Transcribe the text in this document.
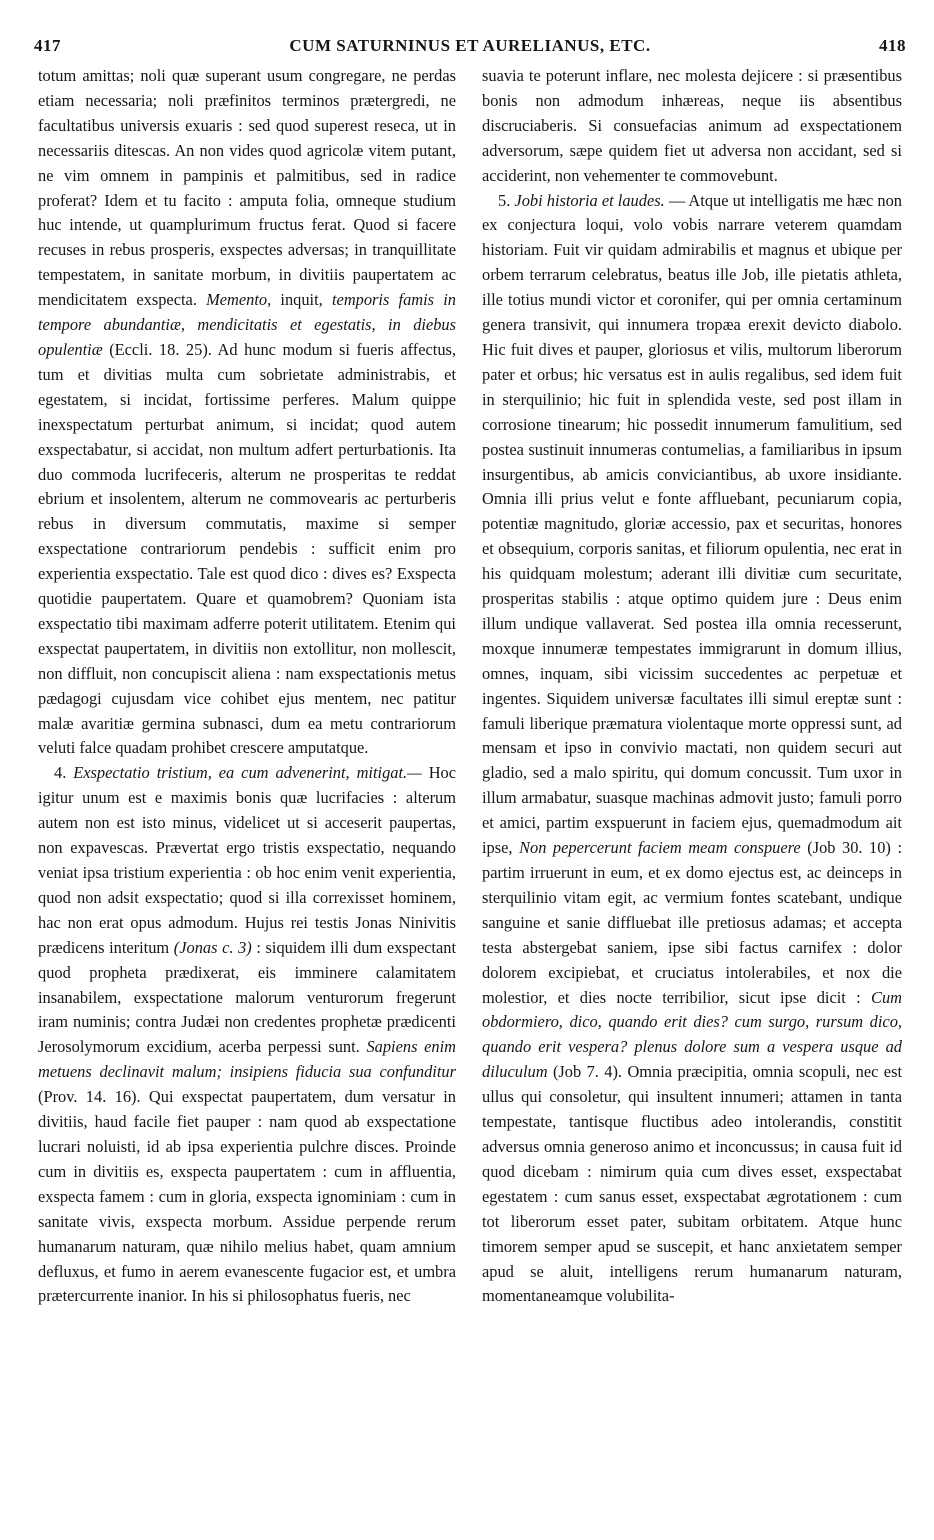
417	CUM SATURNINUS ET AURELIANUS, ETC.	418

totum amittas; noli quæ superant usum congregare, ne perdas etiam necessaria; noli præfinitos terminos prætergredi, ne facultatibus universis exuaris : sed quod superest reseca, ut in necessariis ditescas. An non vides quod agricolæ vitem putant, ne vim omnem in pampinis et palmitibus, sed in radice proferat? Idem et tu facito : amputa folia, omneque studium huc intende, ut quamplurimum fructus ferat. Quod si facere recuses in rebus prosperis, exspectes adversas; in tranquillitate tempestatem, in sanitate morbum, in divitiis paupertatem ac mendicitatem exspecta. Memento, inquit, temporis famis in tempore abundantiæ, mendicitatis et egestatis, in diebus opulentiæ (Eccli. 18. 25). Ad hunc modum si fueris affectus, tum et divitias multa cum sobrietate administrabis, et egestatem, si incidat, fortissime perferes. Malum quippe inexspectatum perturbat animum, si incidat; quod autem exspectabatur, si accidat, non multum adfert perturbationis. Ita duo commoda lucrifeceris, alterum ne prosperitas te reddat ebrium et insolentem, alterum ne commovearis ac perturberis rebus in diversum commutatis, maxime si semper exspectatione contrariorum pendebis : sufficit enim pro experientia exspectatio. Tale est quod dico : dives es? Exspecta quotidie paupertatem. Quare et quamobrem? Quoniam ista exspectatio tibi maximam adferre poterit utilitatem. Etenim qui exspectat paupertatem, in divitiis non extollitur, non mollescit, non diffluit, non concupiscit aliena : nam exspectationis metus pædagogi cujusdam vice cohibet ejus mentem, nec patitur malæ avaritiæ germina subnasci, dum ea metu contrariorum veluti falce quadam prohibet crescere amputatque.

4. Exspectatio tristium, ea cum advenerint, mitigat.— Hoc igitur unum est e maximis bonis quæ lucrifacies : alterum autem non est isto minus, videlicet ut si acceserit paupertas, non expavescas. Prævertat ergo tristis exspectatio, nequando veniat ipsa tristium experientia : ob hoc enim venit experientia, quod non adsit exspectatio; quod si illa correxisset hominem, hac non erat opus admodum. Hujus rei testis Jonas Ninivitis prædicens interitum (Jonas c. 3) : siquidem illi dum exspectant quod propheta prædixerat, eis imminere calamitatem insanabilem, exspectatione malorum venturorum fregerunt iram numinis; contra Judæi non credentes prophetæ prædicenti Jerosolymorum excidium, acerba perpessi sunt. Sapiens enim metuens declinavit malum; insipiens fiducia sua confunditur (Prov. 14. 16). Qui exspectat paupertatem, dum versatur in divitiis, haud facile fiet pauper : nam quod ab exspectatione lucrari noluisti, id ab ipsa experientia pulchre disces. Proinde cum in divitiis es, exspecta paupertatem : cum in affluentia, exspecta famem : cum in gloria, exspecta ignominiam : cum in sanitate vivis, exspecta morbum. Assidue perpende rerum humanarum naturam, quæ nihilo melius habet, quam amnium defluxus, et fumo in aerem evanescente fugacior est, et umbra prætercurrente inanior. In his si philosophatus fueris, nec

suavia te poterunt inflare, nec molesta dejicere : si præsentibus bonis non admodum inhæreas, neque iis absentibus discruciaberis. Si consuefacias animum ad exspectationem adversorum, sæpe quidem fiet ut adversa non accidant, sed si acciderint, non vehementer te commovebunt.

5. Jobi historia et laudes. — Atque ut intelligatis me hæc non ex conjectura loqui, volo vobis narrare veterem quamdam historiam. Fuit vir quidam admirabilis et magnus et ubique per orbem terrarum celebratus, beatus ille Job, ille pietatis athleta, ille totius mundi victor et coronifer, qui per omnia certaminum genera transivit, qui innumera tropæa erexit devicto diabolo. Hic fuit dives et pauper, gloriosus et vilis, multorum liberorum pater et orbus; hic versatus est in aulis regalibus, sed idem fuit in sterquilinio; hic fuit in splendida veste, sed post illam in corrosione tinearum; hic possedit innumerum famulitium, sed postea sustinuit innumeras contumelias, a familiaribus in ipsum insurgentibus, ab amicis conviciantibus, ab uxore insidiante. Omnia illi prius velut e fonte affluebant, pecuniarum copia, potentiæ magnitudo, gloriæ accessio, pax et securitas, honores et obsequium, corporis sanitas, et filiorum opulentia, nec erat in his quidquam molestum; aderant illi divitiæ cum securitate, prosperitas stabilis : atque optimo quidem jure : Deus enim illum undique vallaverat. Sed postea illa omnia recesserunt, moxque innumeræ tempestates immigrarunt in domum illius, omnes, inquam, sibi vicissim succedentes ac perpetuæ et ingentes. Siquidem universæ facultates illi simul ereptæ sunt : famuli liberique præmatura violentaque morte oppressi sunt, ad mensam et ipso in convivio mactati, non quidem securi aut gladio, sed a malo spiritu, qui domum concussit. Tum uxor in illum armabatur, suasque machinas admovit justo; famuli porro et amici, partim exspuerunt in faciem ejus, quemadmodum ait ipse, Non pepercerunt faciem meam conspuere (Job 30. 10) : partim irruerunt in eum, et ex domo ejectus est, ac deinceps in sterquilinio vitam egit, ac vermium fontes scatebant, undique sanguine et sanie diffluebat ille pretiosus adamas; et accepta testa abstergebat saniem, ipse sibi factus carnifex : dolor dolorem excipiebat, et cruciatus intolerabiles, et nox die molestior, et dies nocte terribilior, sicut ipse dicit : Cum obdormiero, dico, quando erit dies? cum surgo, rursum dico, quando erit vespera? plenus dolore sum a vespera usque ad diluculum (Job 7. 4). Omnia præcipitia, omnia scopuli, nec est ullus qui consoletur, qui insultent innumeri; attamen in tanta tempestate, tantisque fluctibus adeo intolerandis, constitit adversus omnia generoso animo et inconcussus; in causa fuit id quod dicebam : nimirum quia cum dives esset, exspectabat egestatem : cum sanus esset, exspectabat ægrotationem : cum tot liberorum esset pater, subitam orbitatem. Atque hunc timorem semper apud se suscepit, et hanc anxietatem semper apud se aluit, intelligens rerum humanarum naturam, momentaneamque volubilita-
